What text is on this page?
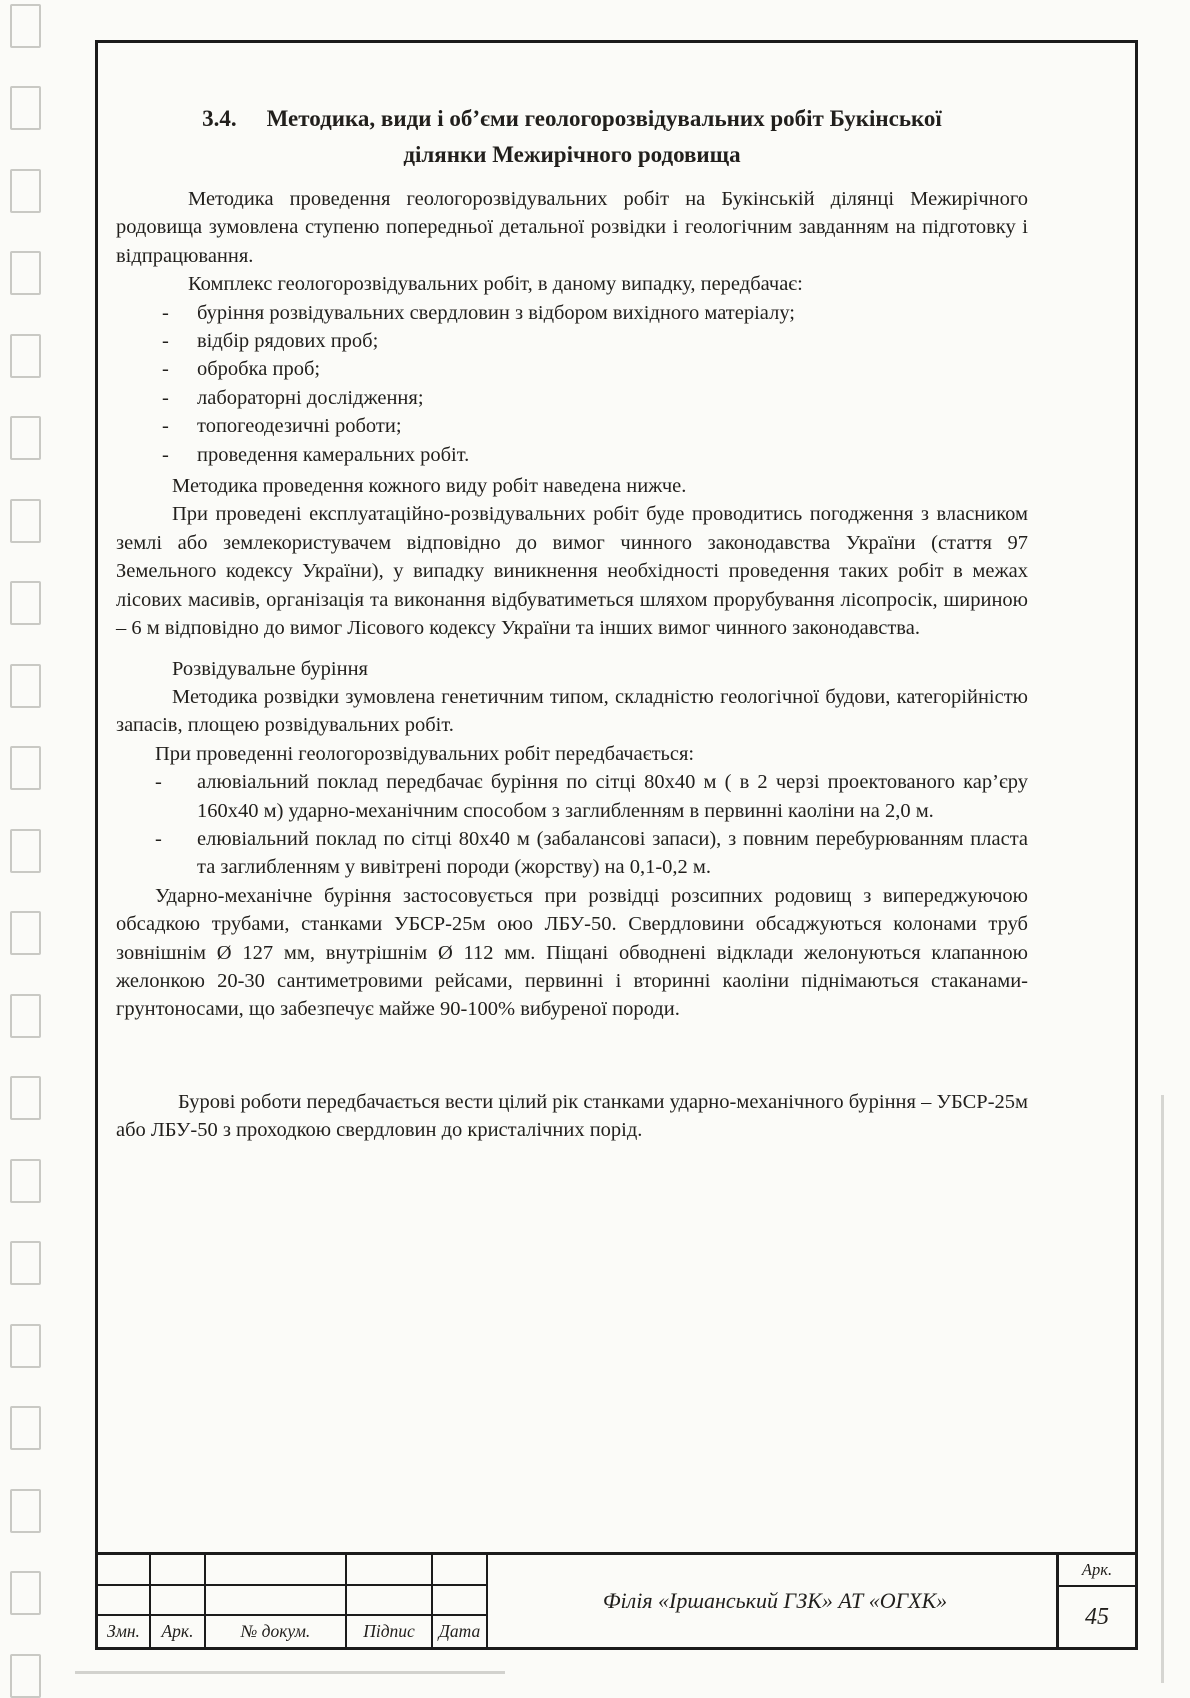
3.4. Методика, види і об’єми геологорозвідувальних робіт Букінської
ділянки Межирічного родовища

Методика проведення геологорозвідувальних робіт на Букінській ділянці Межирічного родовища зумовлена ступеню попередньої детальної розвідки і геологічним завданням на підготовку і відпрацювання.

Комплекс геологорозвідувальних робіт, в даному випадку, передбачає:

- буріння розвідувальних свердловин з відбором вихідного матеріалу;
- відбір рядових проб;
- обробка проб;
- лабораторні дослідження;
- топогеодезичні роботи;
- проведення камеральних робіт.

Методика проведення кожного виду робіт наведена нижче.

При проведені експлуатаційно-розвідувальних робіт буде проводитись погодження з власником землі або землекористувачем відповідно до вимог чинного законодавства України (стаття 97 Земельного кодексу України), у випадку виникнення необхідності проведення таких робіт в межах лісових масивів, організація та виконання відбуватиметься шляхом прорубування лісопросік, шириною – 6 м відповідно до вимог Лісового кодексу України та інших вимог чинного законодавства.

Розвідувальне буріння

Методика розвідки зумовлена генетичним типом, складністю геологічної будови, категорійністю запасів, площею розвідувальних робіт.

При проведенні геологорозвідувальних робіт передбачається:

- алювіальний поклад передбачає буріння по сітці 80х40 м ( в 2 черзі проектованого кар’єру 160х40 м) ударно-механічним способом з заглибленням в первинні каоліни на 2,0 м.
- елювіальний поклад по сітці 80х40 м (забалансові запаси), з повним перебурюванням пласта та заглибленням у вивітрені породи (жорству) на 0,1-0,2 м.

Ударно-механічне буріння застосовується при розвідці розсипних родовищ з випереджуючою обсадкою трубами, станками УБСР-25м оюо ЛБУ-50. Свердловини обсаджуються колонами труб зовнішнім Ø 127 мм, внутрішнім Ø 112 мм. Піщані обводнені відклади желонуються клапанною желонкою 20-30 сантиметровими рейсами, первинні і вторинні каоліни піднімаються стаканами-грунтоносами, що забезпечує майже 90-100% вибуреної породи.

Бурові роботи передбачається вести цілий рік станками ударно-механічного буріння – УБСР-25м або ЛБУ-50 з проходкою свердловин до кристалічних порід.

Змн.	Арк.	№ докум.	Підпис	Дата
Філія «Іршанський ГЗК» АТ «ОГХК»
Арк.
45
